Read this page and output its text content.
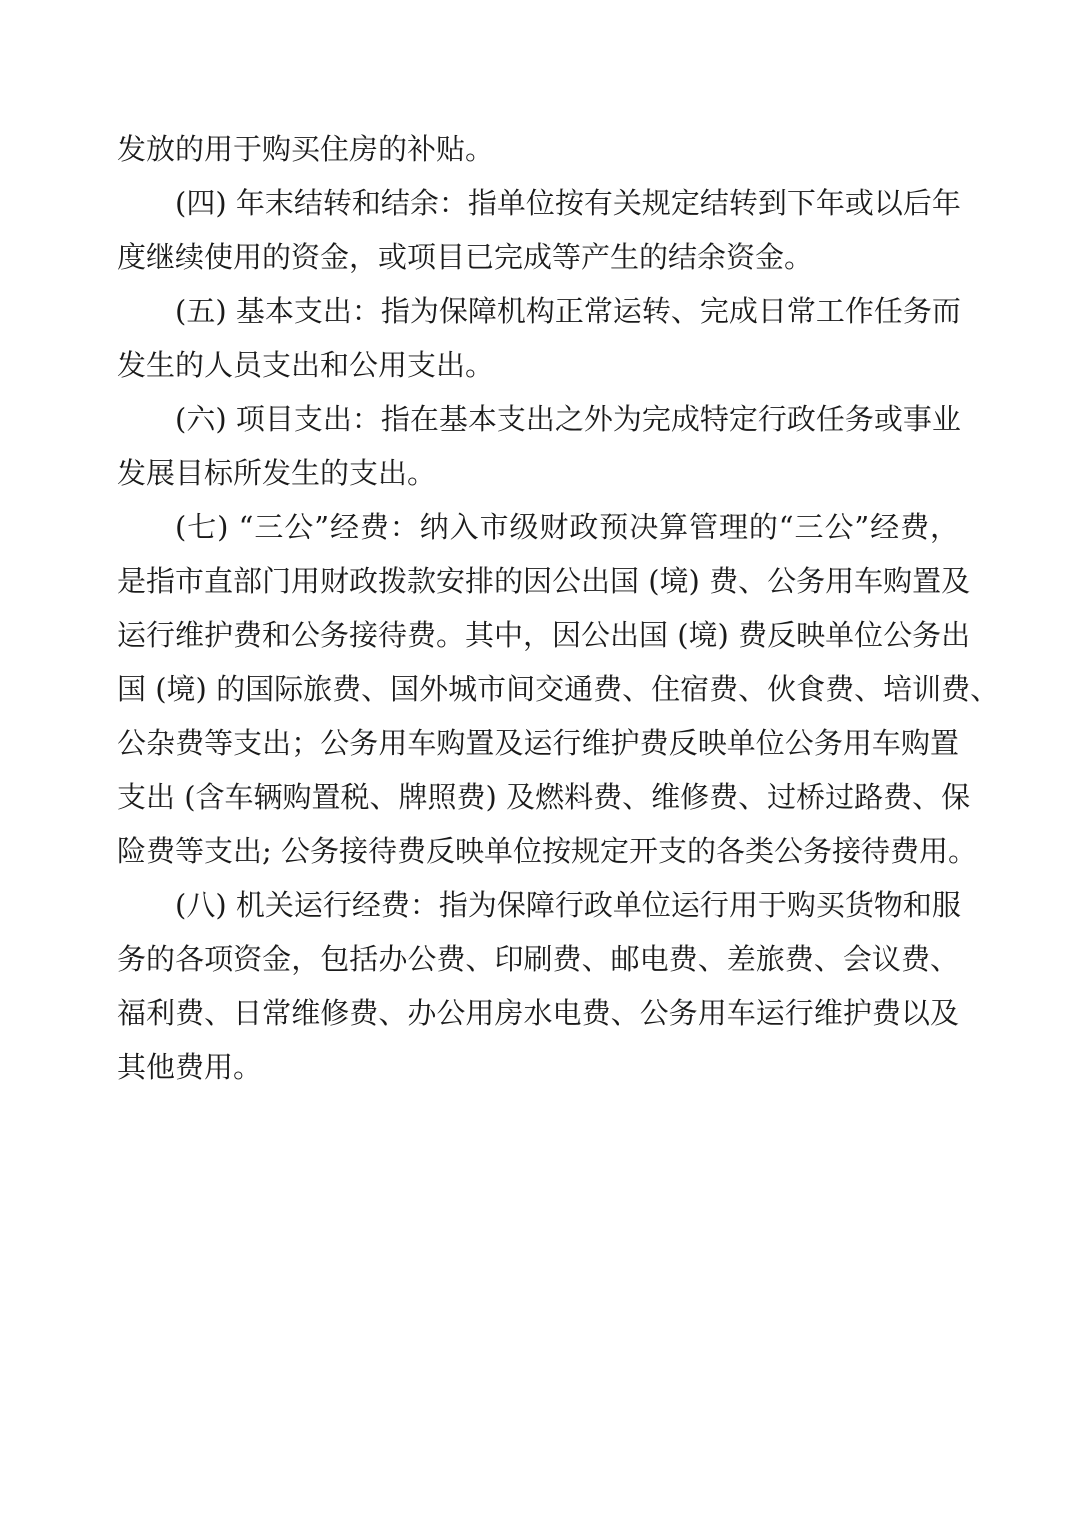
发放的用于购买住房的补贴。
(四) 年末结转和结余：指单位按有关规定结转到下年或以后年
度继续使用的资金，或项目已完成等产生的结余资金。
(五) 基本支出：指为保障机构正常运转、完成日常工作任务而
发生的人员支出和公用支出。
(六) 项目支出：指在基本支出之外为完成特定行政任务或事业
发展目标所发生的支出。
(七) “三公”经费：纳入市级财政预决算管理的“三公”经费，
是指市直部门用财政拨款安排的因公出国 (境) 费、公务用车购置及
运行维护费和公务接待费。其中，因公出国 (境) 费反映单位公务出
国 (境) 的国际旅费、国外城市间交通费、住宿费、伙食费、培训费、
公杂费等支出；公务用车购置及运行维护费反映单位公务用车购置
支出 (含车辆购置税、牌照费) 及燃料费、维修费、过桥过路费、保
险费等支出; 公务接待费反映单位按规定开支的各类公务接待费用。
(八) 机关运行经费：指为保障行政单位运行用于购买货物和服
务的各项资金，包括办公费、印刷费、邮电费、差旅费、会议费、
福利费、日常维修费、办公用房水电费、公务用车运行维护费以及
其他费用。
